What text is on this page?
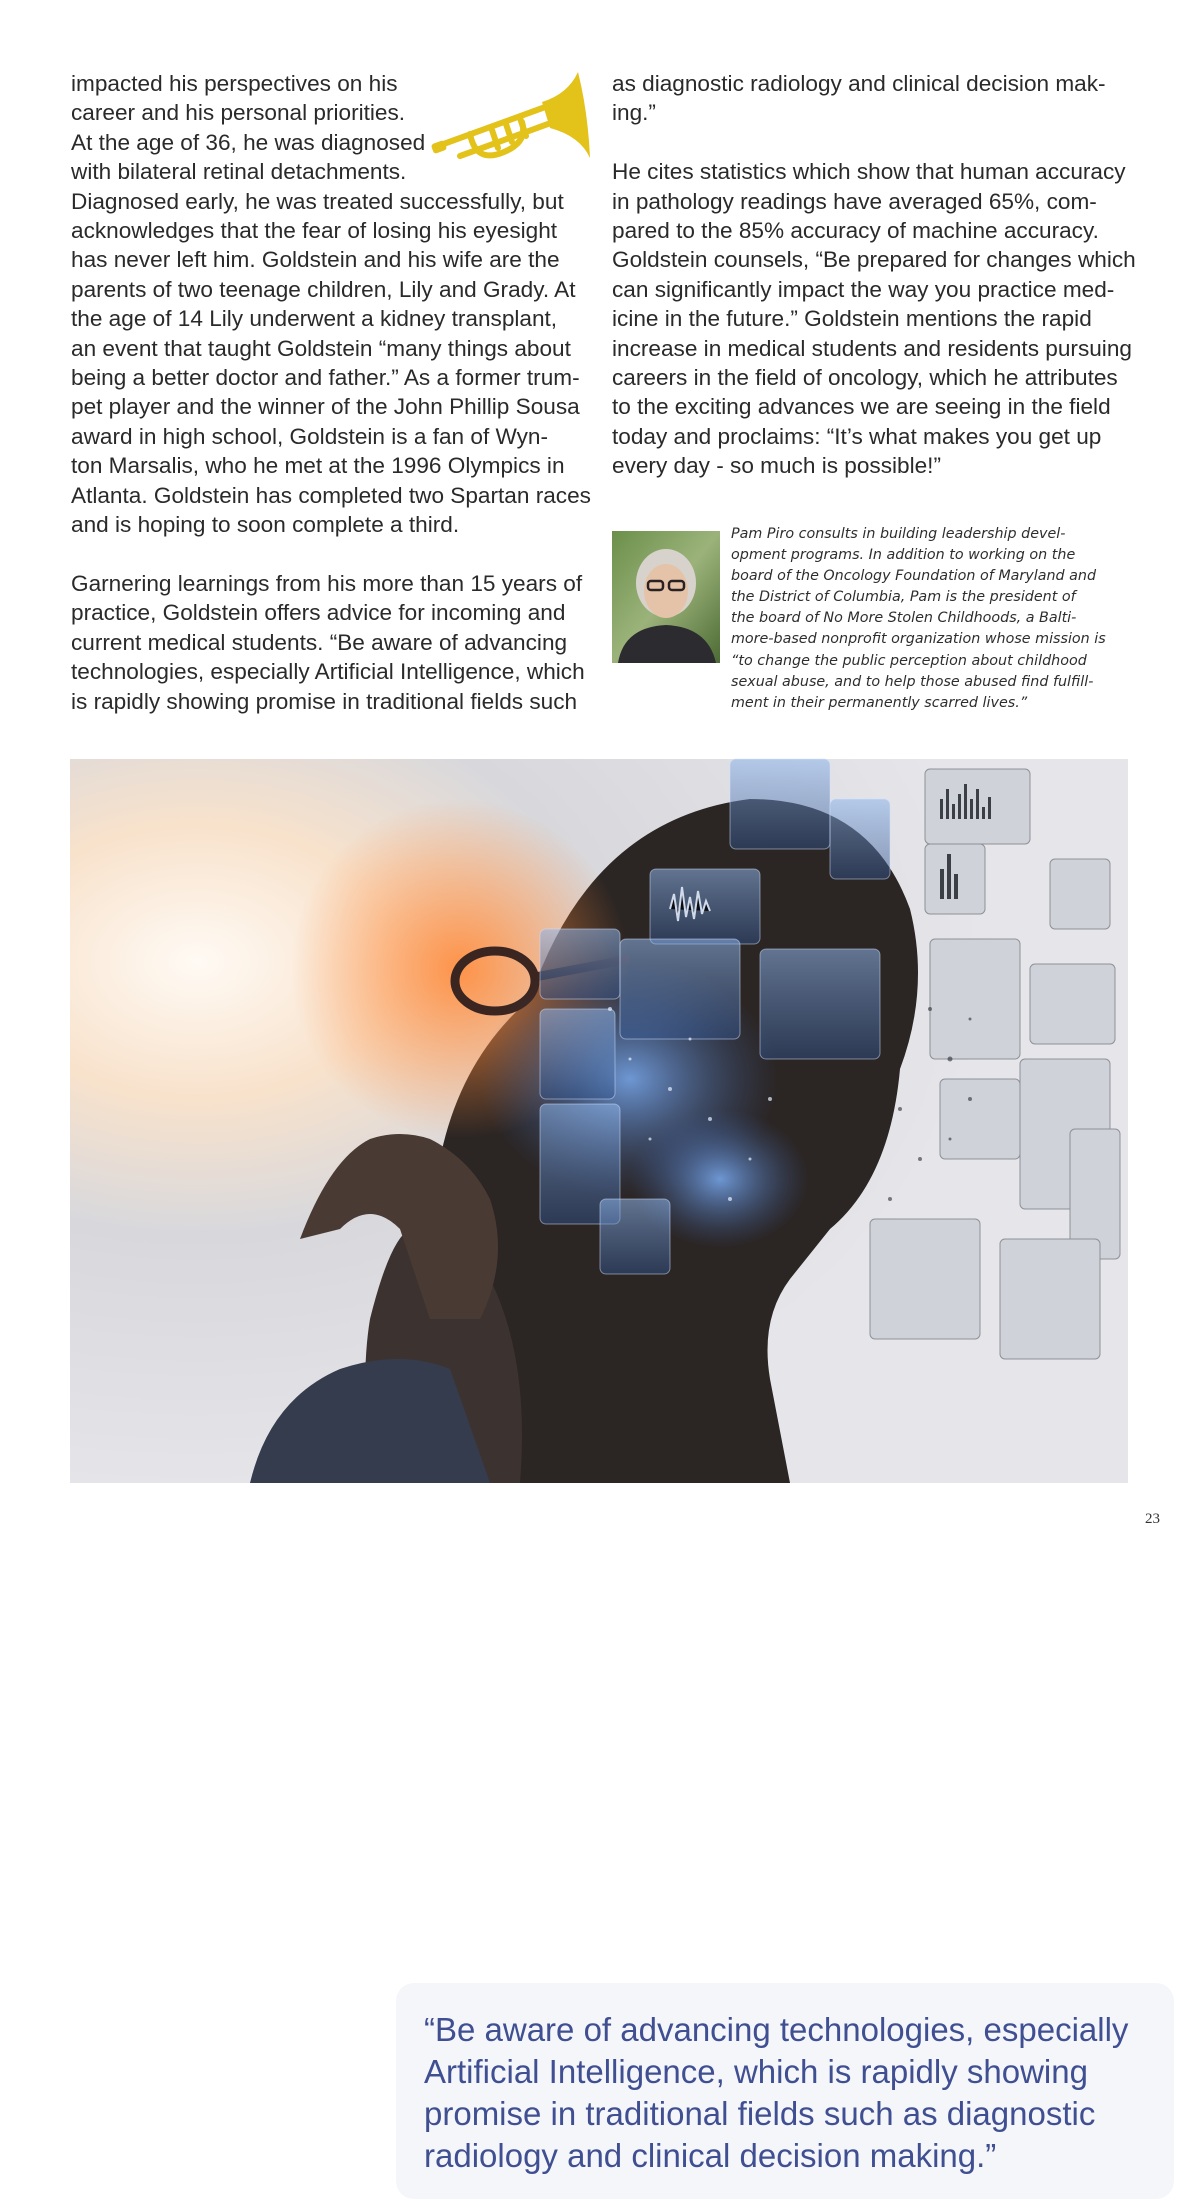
impacted his perspectives on his
career and his personal priorities.
At the age of 36, he was diagnosed
with bilateral retinal detachments.
Diagnosed early, he was treated successfully, but
acknowledges that the fear of losing his eyesight
has never left him. Goldstein and his wife are the
parents of two teenage children, Lily and Grady. At
the age of 14 Lily underwent a kidney transplant,
an event that taught Goldstein “many things about
being a better doctor and father.” As a former trum-
pet player and the winner of the John Phillip Sousa
award in high school, Goldstein is a fan of Wyn-
ton Marsalis, who he met at the 1996 Olympics in
Atlanta. Goldstein has completed two Spartan races
and is hoping to soon complete a third.
Garnering learnings from his more than 15 years of
practice, Goldstein offers advice for incoming and
current medical students. “Be aware of advancing
technologies, especially Artificial Intelligence, which
is rapidly showing promise in traditional fields such
as diagnostic radiology and clinical decision mak-
ing.”
He cites statistics which show that human accuracy
in pathology readings have averaged 65%, com-
pared to the 85% accuracy of machine accuracy.
Goldstein counsels, “Be prepared for changes which
can significantly impact the way you practice med-
icine in the future.” Goldstein mentions the rapid
increase in medical students and residents pursuing
careers in the field of oncology, which he attributes
to the exciting advances we are seeing in the field
today and proclaims: “It’s what makes you get up
every day - so much is possible!”
Pam Piro consults in building leadership devel-
opment programs. In addition to working on the
board of the Oncology Foundation of Maryland and
the District of Columbia, Pam is the president of
the board of No More Stolen Childhoods, a Balti-
more-based nonprofit organization whose mission is
“to change the public perception about childhood
sexual abuse, and to help those abused find fulfill-
ment in their permanently scarred lives.”
“Be aware of advancing technologies, especially
Artificial Intelligence, which is rapidly showing
promise in traditional fields such as diagnostic
radiology and clinical decision making.”
23
